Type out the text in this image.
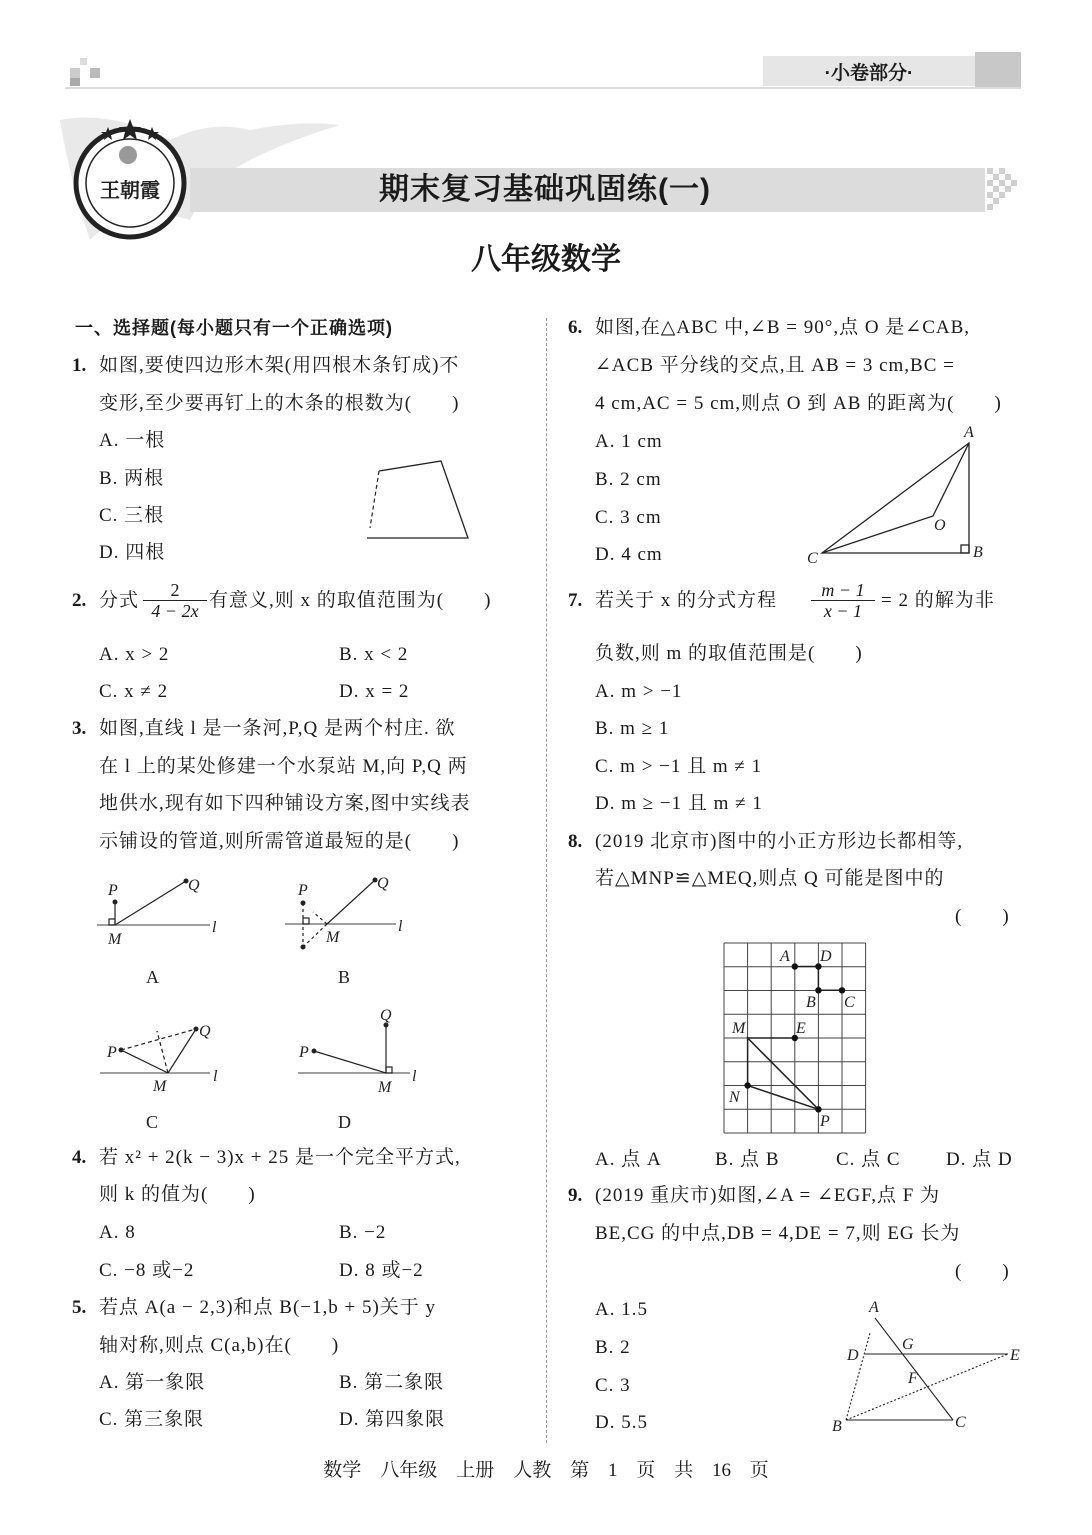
·小卷部分·
王朝霞	期末复习基础巩固练(一)
八年级数学
一、选择题(每小题只有一个正确选项)
1. 如图,要使四边形木架(用四根木条钉成)不
变形,至少要再钉上的木条的根数为(　　)
A. 一根
B. 两根
C. 三根
D. 四根
2. 分式 $\frac{2}{4 - 2x}$ 有意义,则 x 的取值范围为(　　)
A. x > 2	B. x < 2
C. x ≠ 2	D. x = 2
3. 如图,直线 l 是一条河,P,Q 是两个村庄. 欲
在 l 上的某处修建一个水泵站 M,向 P,Q 两
地供水,现有如下四种铺设方案,图中实线表
示铺设的管道,则所需管道最短的是(　　)
P	Q
M
l
A
P	Q
M
l
B
P
Q
M
l
C
P
Q
M
l
D
4. 若 x² + 2(k − 3)x + 25 是一个完全平方式,
则 k 的值为(　　)
A. 8	B. −2
C. −8 或−2	D. 8 或−2
5. 若点 A(a − 2,3)和点 B(−1,b + 5)关于 y
轴对称,则点 C(a,b)在(　　)
A. 第一象限	B. 第二象限
C. 第三象限	D. 第四象限
6. 如图,在△ABC 中,∠B = 90°,点 O 是∠CAB,
∠ACB 平分线的交点,且 AB = 3 cm,BC =
4 cm,AC = 5 cm,则点 O 到 AB 的距离为(　　)
A. 1 cm
B. 2 cm
C. 3 cm
D. 4 cm
A
B
C
O
7. 若关于 x 的分式方程 $\frac{m - 1}{x - 1} = 2$ 的解为非
负数,则 m 的取值范围是(　　)
A. m > −1
B. m ≥ 1
C. m > −1 且 m ≠ 1
D. m ≥ −1 且 m ≠ 1
8. (2019 北京市)图中的小正方形边长都相等,
若△MNP≌△MEQ,则点 Q 可能是图中的
(　　)
A D
B C
M	E
N
P
A. 点 A	B. 点 B	C. 点 C D. 点 D
9. (2019 重庆市)如图,∠A = ∠EGF,点 F 为
BE,CG 的中点,DB = 4,DE = 7,则 EG 长为
(　　)
A. 1.5
B. 2
C. 3
D. 5.5
A
D	E
G
F
B	C
数学　八年级　上册　人教　第 1 页　共 16 页
